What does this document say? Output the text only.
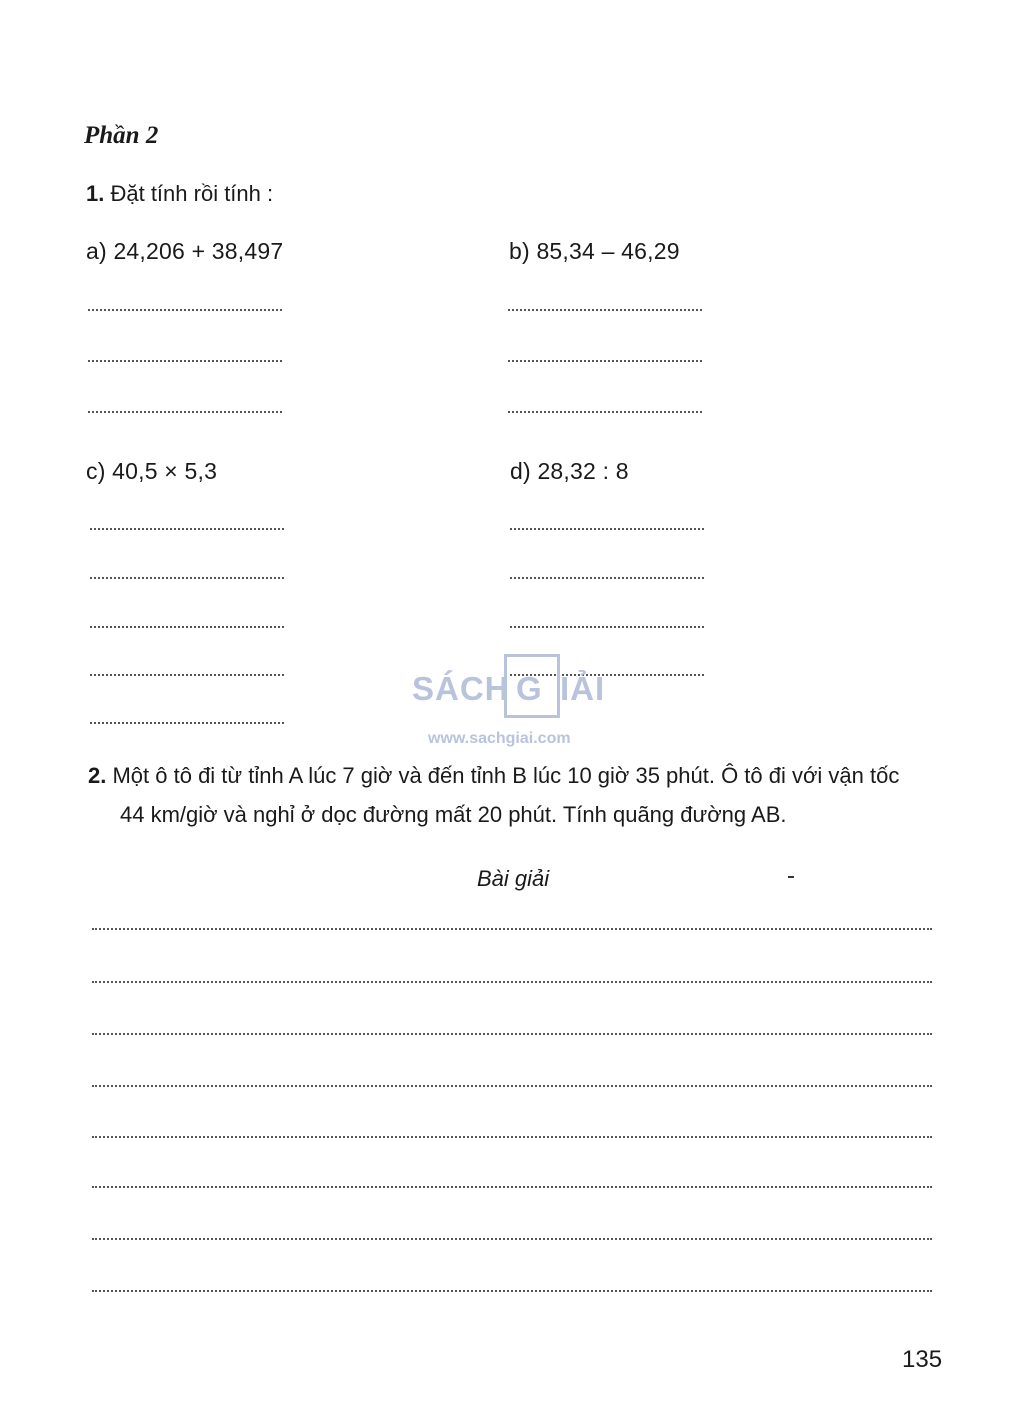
Phần 2
1. Đặt tính rồi tính :
a) 24,206 + 38,497	b) 85,34 – 46,29
c) 40,5 × 5,3	d) 28,32 : 8
SÁCH G IẢI
www.sachgiai.com
2. Một ô tô đi từ tỉnh A lúc 7 giờ và đến tỉnh B lúc 10 giờ 35 phút. Ô tô đi với vận tốc
44 km/giờ và nghỉ ở dọc đường mất 20 phút. Tính quãng đường AB.
Bài giải
135
